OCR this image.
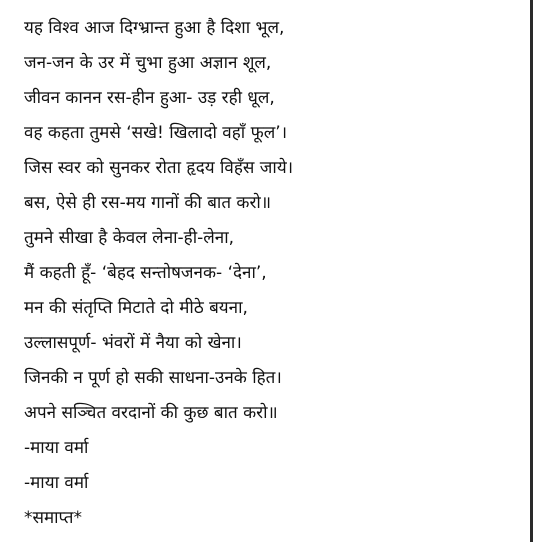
यह विश्व आज दिग्भ्रान्त हुआ है दिशा भूल,
जन-जन के उर में चुभा हुआ अज्ञान शूल,
जीवन कानन रस-हीन हुआ- उड़ रही धूल,
वह कहता तुमसे ‘सखे! खिलादो वहाँ फूल’।
जिस स्वर को सुनकर रोता हृदय विहँस जाये।
बस, ऐसे ही रस-मय गानों की बात करो॥
तुमने सीखा है केवल लेना-ही-लेना,
मैं कहती हूँ- ‘बेहद सन्तोषजनक- ‘देना’,
मन की संतृप्ति मिटाते दो मीठे बयना,
उल्लासपूर्ण- भंवरों में नैया को खेना।
जिनकी न पूर्ण हो सकी साधना-उनके हित।
अपने सञ्चित वरदानों की कुछ बात करो॥
-माया वर्मा
-माया वर्मा
*समाप्त*
